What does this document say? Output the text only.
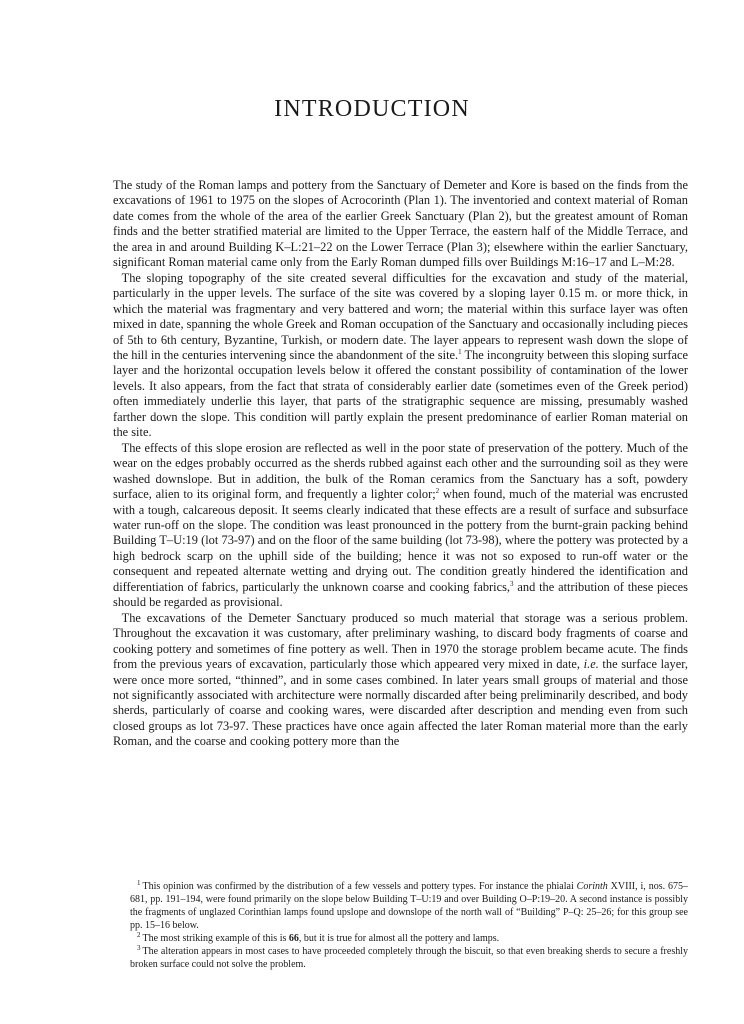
INTRODUCTION

The study of the Roman lamps and pottery from the Sanctuary of Demeter and Kore is based on the finds from the excavations of 1961 to 1975 on the slopes of Acrocorinth (Plan 1). The inventoried and context material of Roman date comes from the whole of the area of the earlier Greek Sanctuary (Plan 2), but the greatest amount of Roman finds and the better stratified material are limited to the Upper Terrace, the eastern half of the Middle Terrace, and the area in and around Building K–L:21–22 on the Lower Terrace (Plan 3); elsewhere within the earlier Sanctuary, significant Roman material came only from the Early Roman dumped fills over Buildings M:16–17 and L–M:28.

The sloping topography of the site created several difficulties for the excavation and study of the material, particularly in the upper levels. The surface of the site was covered by a sloping layer 0.15 m. or more thick, in which the material was fragmentary and very battered and worn; the material within this surface layer was often mixed in date, spanning the whole Greek and Roman occupation of the Sanctuary and occasionally including pieces of 5th to 6th century, Byzantine, Turkish, or modern date. The layer appears to represent wash down the slope of the hill in the centuries intervening since the abandonment of the site.$^1$ The incongruity between this sloping surface layer and the horizontal occupation levels below it offered the constant possibility of contamination of the lower levels. It also appears, from the fact that strata of considerably earlier date (sometimes even of the Greek period) often immediately underlie this layer, that parts of the stratigraphic sequence are missing, presumably washed farther down the slope. This condition will partly explain the present predominance of earlier Roman material on the site.

The effects of this slope erosion are reflected as well in the poor state of preservation of the pottery. Much of the wear on the edges probably occurred as the sherds rubbed against each other and the surrounding soil as they were washed downslope. But in addition, the bulk of the Roman ceramics from the Sanctuary has a soft, powdery surface, alien to its original form, and frequently a lighter color;$^2$ when found, much of the material was encrusted with a tough, calcareous deposit. It seems clearly indicated that these effects are a result of surface and subsurface water run-off on the slope. The condition was least pronounced in the pottery from the burnt-grain packing behind Building T–U:19 (lot 73-97) and on the floor of the same building (lot 73-98), where the pottery was protected by a high bedrock scarp on the uphill side of the building; hence it was not so exposed to run-off water or the consequent and repeated alternate wetting and drying out. The condition greatly hindered the identification and differentiation of fabrics, particularly the unknown coarse and cooking fabrics,$^3$ and the attribution of these pieces should be regarded as provisional.

The excavations of the Demeter Sanctuary produced so much material that storage was a serious problem. Throughout the excavation it was customary, after preliminary washing, to discard body fragments of coarse and cooking pottery and sometimes of fine pottery as well. Then in 1970 the storage problem became acute. The finds from the previous years of excavation, particularly those which appeared very mixed in date, i.e. the surface layer, were once more sorted, “thinned”, and in some cases combined. In later years small groups of material and those not significantly associated with architecture were normally discarded after being preliminarily described, and body sherds, particularly of coarse and cooking wares, were discarded after description and mending even from such closed groups as lot 73-97. These practices have once again affected the later Roman material more than the early Roman, and the coarse and cooking pottery more than the

$^1$ This opinion was confirmed by the distribution of a few vessels and pottery types. For instance the phialai Corinth XVIII, i, nos. 675–681, pp. 191–194, were found primarily on the slope below Building T–U:19 and over Building O–P:19–20. A second instance is possibly the fragments of unglazed Corinthian lamps found upslope and downslope of the north wall of “Building” P–Q: 25–26; for this group see pp. 15–16 below.

$^2$ The most striking example of this is 66, but it is true for almost all the pottery and lamps.

$^3$ The alteration appears in most cases to have proceeded completely through the biscuit, so that even breaking sherds to secure a freshly broken surface could not solve the problem.
